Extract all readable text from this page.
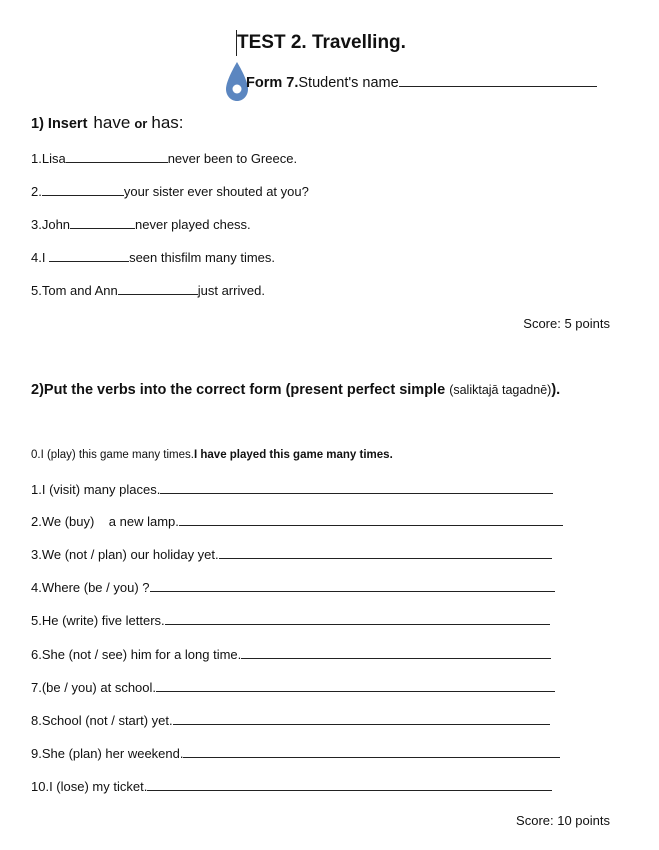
TEST 2. Travelling.
Form 7.Student's name
1) Insert have or has:
1.Lisa	never been to Greece.
2.	your sister ever shouted at you?
3.John	never played chess.
4.I	seen thisfilm many times.
5.Tom and Ann	just arrived.
Score: 5 points
2)Put the verbs into the correct form (present perfect simple (saliktajā tagadnē)).
0.I (play) this game many times.I have played this game many times.
1.I (visit) many places.
2.We (buy)    a new lamp.
3.We (not / plan) our holiday yet.
4.Where (be / you) ?
5.He (write) five letters.
6.She (not / see) him for a long time.
7.(be / you) at school.
8.School (not / start) yet.
9.She (plan) her weekend.
10.I (lose) my ticket.
Score: 10 points
